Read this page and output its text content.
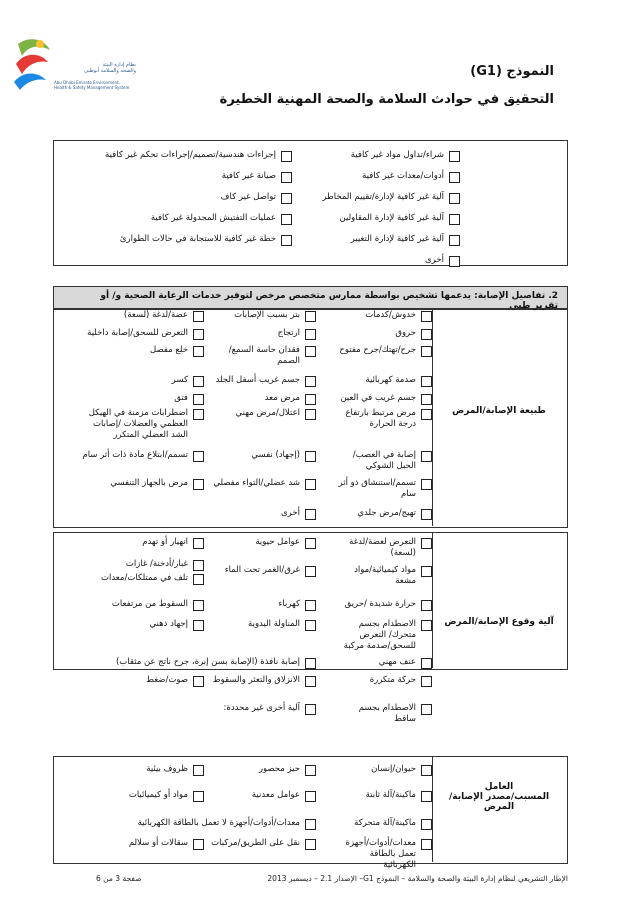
نظام إدارة البيئة
والصحة والسلامة أبوظبي
Abu Dhabi Emirate Environment,
Health & Safety Management System
النموذج (G1)
التحقيق في حوادث السلامة والصحة المهنية الخطيرة
شراء/تداول مواد غير كافية
أدوات/معدات غير كافية
آلية غير كافية لإدارة/تقييم المخاطر
آلية غير كافية لإدارة المقاولين
آلية غير كافية لإدارة التغيير
أخرى
إجراءات هندسية/تصميم/إجراءات تحكم غير كافية
صيانة غير كافية
تواصل غير كاف
عمليات التفتيش المجدولة غير كافية
خطة غير كافية للاستجابة في حالات الطوارئ
2. تفاصيل الإصابة: يدعمها تشخيص بواسطة ممارس متخصص مرخص لتوفير خدمات الرعاية الصحية و/ أو تقرير طبي
طبيعة الإصابة/المرض
آلية وقوع الإصابة/المرض
العامل
المسبب/مصدر الإصابة/المرض
خدوش/كدمات
بتر بسبب الإصابات
عضة/لدغة (لسعة)
حروق
ارتجاج
التعرض للسحق/إصابة داخلية
جرح/تهتك/جرح مفتوح
فقدان حاسة السمع/الصمم
خلع مفصل
صدمة كهربائية
جسم غريب أسفل الجلد
كسر
جسم غريب في العين
مرض معد
فتق
مرض مرتبط بارتفاع درجة الحرارة
اعتلال/مرض مهني
اضطرابات مزمنة في الهيكل العظمي والعضلات /إصابات الشد العضلي المتكرر
إصابة في العصب/الحبل الشوكي
(إجهاد) نفسي
تسمم/ابتلاع مادة ذات أثر سام
تسمم/استنشاق ذو أثر سام
شد عضلي/التواء مفصلي
مرض بالجهاز التنفسي
تهيج/مرض جلدي
أخرى
التعرض لعضة/لدغة (لسعة)
عوامل حيوية
انهيار أو تهدم
مواد كيميائية/مواد مشعة
غرق/الغمر تحت الماء
غبار/أدخنة/ غازات
تلف في ممتلكات/معدات
حرارة شديدة /حريق
كهرباء
السقوط من مرتفعات
الاصطدام بجسم متحرك/ التعرض للسحق/صدمة مركبة
المناولة اليدوية
إجهاد ذهني
عنف مهني
إصابة نافذة (الإصابة بسن إبرة، جرح ناتج عن مثقاب)
حركة متكررة
الانزلاق والتعثر والسقوط
صوت/ضغط
الاصطدام بجسم ساقط
آلية أخرى غير محددة:
حيوان/إنسان
حيز محصور
ظروف بيئية
ماكينة/آلة ثابتة
عوامل معدنية
مواد أو كيميائيات
ماكينة/آلة متحركة
معدات/أدوات/أجهزة لا تعمل بالطاقة الكهربائية
معدات/أدوات/أجهزة تعمل بالطاقة الكهربائية
نقل على الطريق/مركبات
سقالات أو سلالم
صفحة 3 من 6	الإطار التشريعي لنظام إدارة البيئة والصحة والسلامة – النموذج G1– الإصدار 2.1 – ديسمبر 2013
